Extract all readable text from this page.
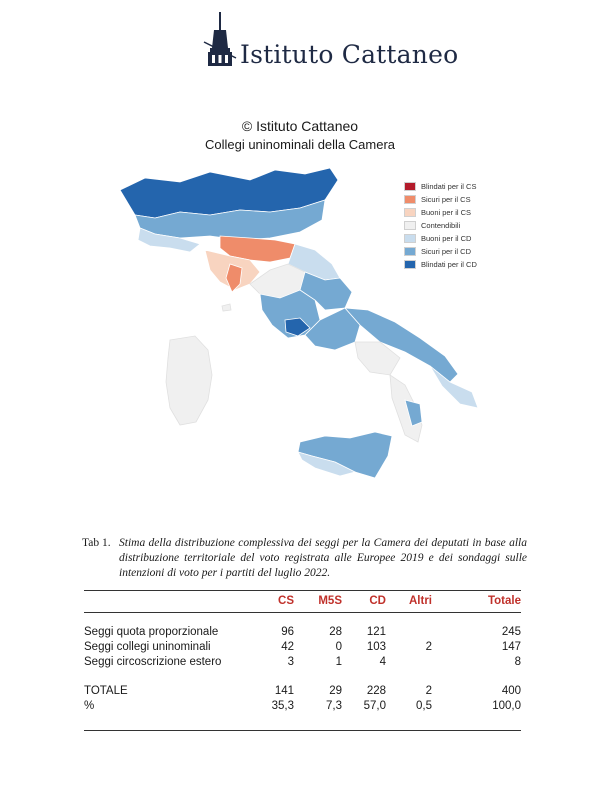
Istituto Cattaneo
© Istituto Cattaneo
Collegi uninominali della Camera
Blindati per il CS
Sicuri per il CS
Buoni per il CS
Contendibili
Buoni per il CD
Sicuri per il CD
Blindati per il CD
Tab 1. Stima della distribuzione complessiva dei seggi per la Camera dei deputati in base alla distribuzione territoriale del voto registrata alle Europee 2019 e dei sondaggi sulle intenzioni di voto per i partiti del luglio 2022.
	CS	M5S	CD	Altri	Totale

Seggi quota proporzionale	96	28	121		245
Seggi collegi uninominali	42	0	103	2	147
Seggi circoscrizione estero	3	1	4		8

TOTALE	141	29	228	2	400
%	35,3	7,3	57,0	0,5	100,0
